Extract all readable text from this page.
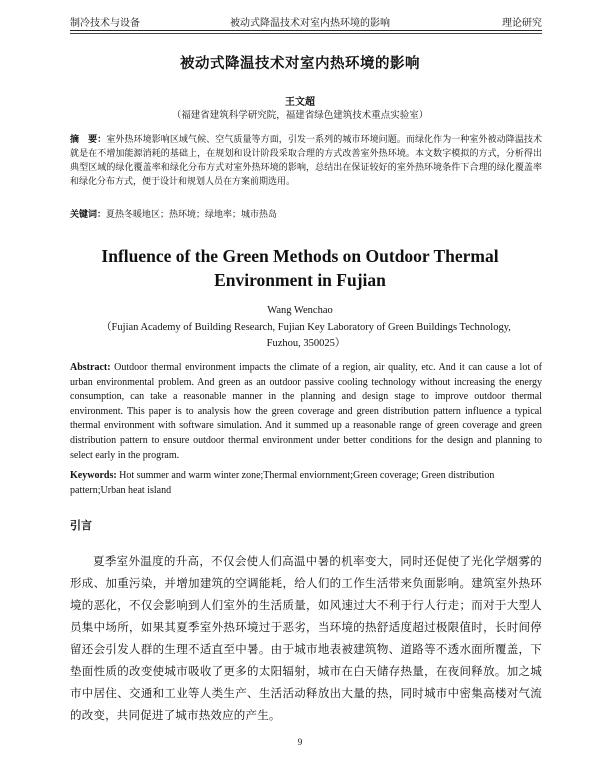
制冷技术与设备	被动式降温技术对室内热环境的影响	理论研究
被动式降温技术对室内热环境的影响
王文超
（福建省建筑科学研究院，福建省绿色建筑技术重点实验室）
摘　要：室外热环境影响区域气候、空气质量等方面，引发一系列的城市环境问题。而绿化作为一种室外被动降温技术就是在不增加能源消耗的基础上，在规划和设计阶段采取合理的方式改善室外热环境。本文数字模拟的方式，分析得出典型区域的绿化覆盖率和绿化分布方式对室外热环境的影响，总结出在保证较好的室外热环境条件下合理的绿化覆盖率和绿化分布方式，便于设计和规划人员在方案前期选用。
关键词：夏热冬暖地区；热环境；绿地率；城市热岛
Influence of the Green Methods on Outdoor Thermal
Environment in Fujian
Wang Wenchao
（Fujian Academy of Building Research, Fujian Key Laboratory of Green Buildings Technology,
Fuzhou, 350025）
Abstract: Outdoor thermal environment impacts the climate of a region, air quality, etc. And it can cause a lot of urban environmental problem. And green as an outdoor passive cooling technology without increasing the energy consumption, can take a reasonable manner in the planning and design stage to improve outdoor thermal environment. This paper is to analysis how the green coverage and green distribution pattern influence a typical thermal environment with software simulation. And it summed up a reasonable range of green coverage and green distribution pattern to ensure outdoor thermal environment under better conditions for the design and planning to select early in the program.
Keywords: Hot summer and warm winter zone;Thermal enviornment;Green coverage; Green distribution pattern;Urban heat island
引言
夏季室外温度的升高，不仅会使人们高温中暑的机率变大，同时还促使了光化学烟雾的形成、加重污染，并增加建筑的空调能耗，给人们的工作生活带来负面影响。建筑室外热环境的恶化，不仅会影响到人们室外的生活质量，如风速过大不利于行人行走；而对于大型人员集中场所，如果其夏季室外热环境过于恶劣，当环境的热舒适度超过极限值时，长时间停留还会引发人群的生理不适直至中暑。由于城市地表被建筑物、道路等不透水面所覆盖，下垫面性质的改变使城市吸收了更多的太阳辐射，城市在白天储存热量，在夜间释放。加之城市中居住、交通和工业等人类生产、生活活动释放出大量的热，同时城市中密集高楼对气流的改变，共同促进了城市热效应的产生。
9
